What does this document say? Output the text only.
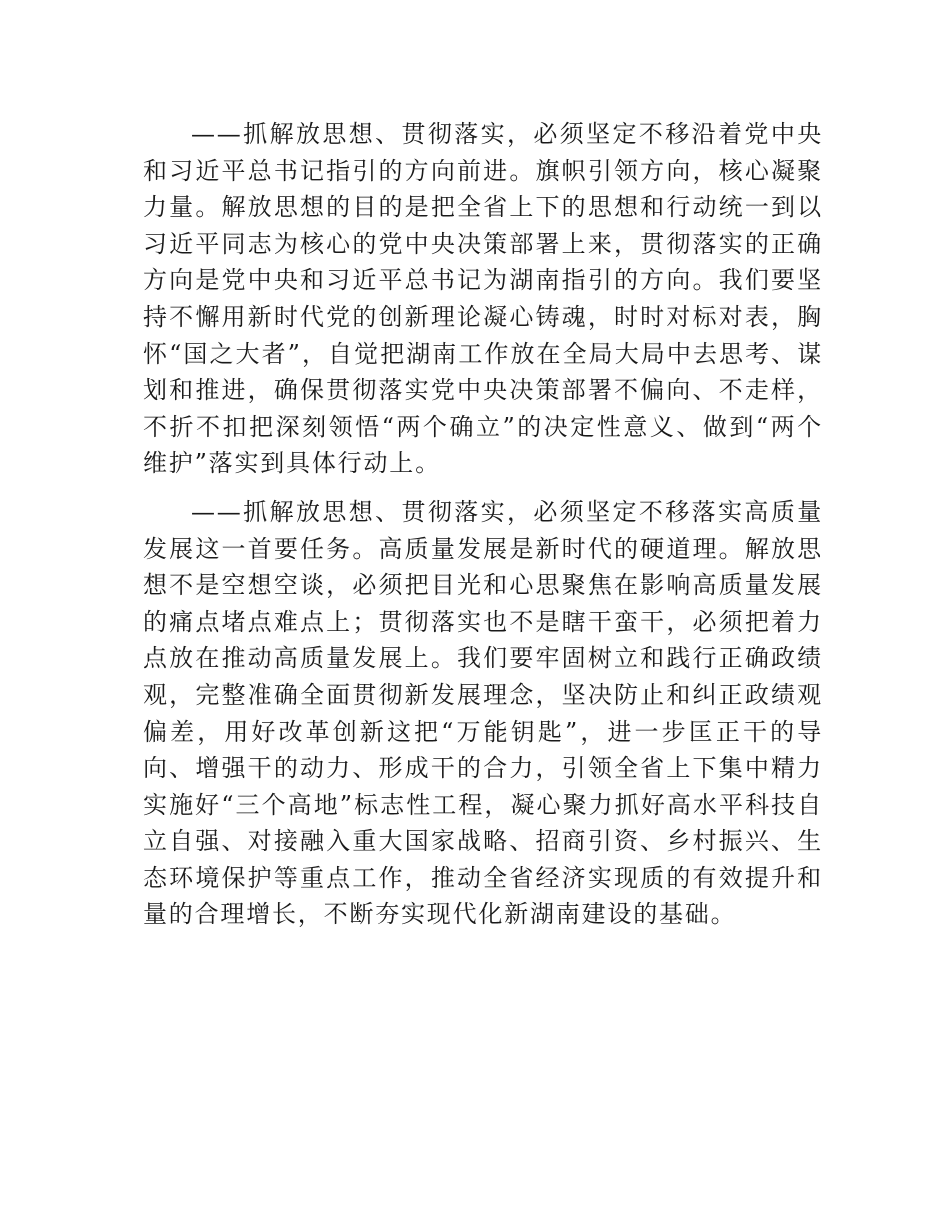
——抓解放思想、贯彻落实，必须坚定不移沿着党中央和习近平总书记指引的方向前进。旗帜引领方向，核心凝聚力量。解放思想的目的是把全省上下的思想和行动统一到以习近平同志为核心的党中央决策部署上来，贯彻落实的正确方向是党中央和习近平总书记为湖南指引的方向。我们要坚持不懈用新时代党的创新理论凝心铸魂，时时对标对表，胸怀“国之大者”，自觉把湖南工作放在全局大局中去思考、谋划和推进，确保贯彻落实党中央决策部署不偏向、不走样，不折不扣把深刻领悟“两个确立”的决定性意义、做到“两个维护”落实到具体行动上。

——抓解放思想、贯彻落实，必须坚定不移落实高质量发展这一首要任务。高质量发展是新时代的硬道理。解放思想不是空想空谈，必须把目光和心思聚焦在影响高质量发展的痛点堵点难点上；贯彻落实也不是瞎干蛮干，必须把着力点放在推动高质量发展上。我们要牢固树立和践行正确政绩观，完整准确全面贯彻新发展理念，坚决防止和纠正政绩观偏差，用好改革创新这把“万能钥匙”，进一步匡正干的导向、增强干的动力、形成干的合力，引领全省上下集中精力实施好“三个高地”标志性工程，凝心聚力抓好高水平科技自立自强、对接融入重大国家战略、招商引资、乡村振兴、生态环境保护等重点工作，推动全省经济实现质的有效提升和量的合理增长，不断夯实现代化新湖南建设的基础。
